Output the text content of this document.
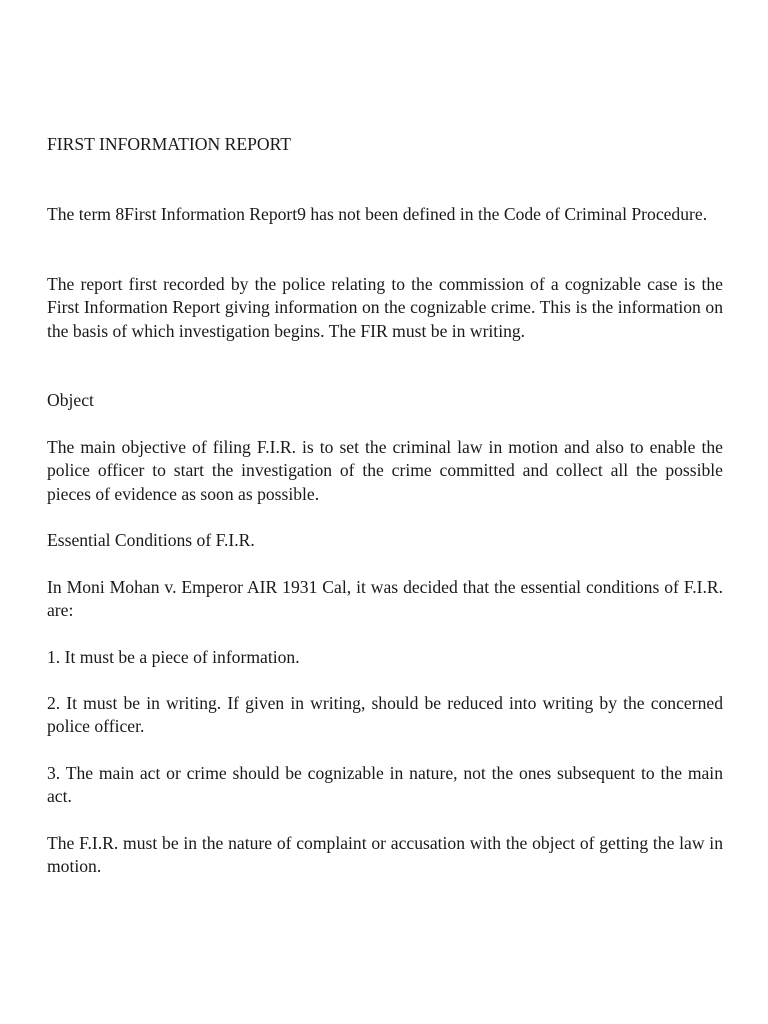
FIRST INFORMATION REPORT

The term 8First Information Report9 has not been defined in the Code of Criminal Procedure.

The report first recorded by the police relating to the commission of a cognizable case is the First Information Report giving information on the cognizable crime. This is the information on the basis of which investigation begins. The FIR must be in writing.

Object

The main objective of filing F.I.R. is to set the criminal law in motion and also to enable the police officer to start the investigation of the crime committed and collect all the possible pieces of evidence as soon as possible.

Essential Conditions of F.I.R.

In Moni Mohan v. Emperor AIR 1931 Cal, it was decided that the essential conditions of F.I.R. are:

1. It must be a piece of information.

2. It must be in writing. If given in writing, should be reduced into writing by the concerned police officer.

3. The main act or crime should be cognizable in nature, not the ones subsequent to the main act.

The F.I.R. must be in the nature of complaint or accusation with the object of getting the law in motion.
